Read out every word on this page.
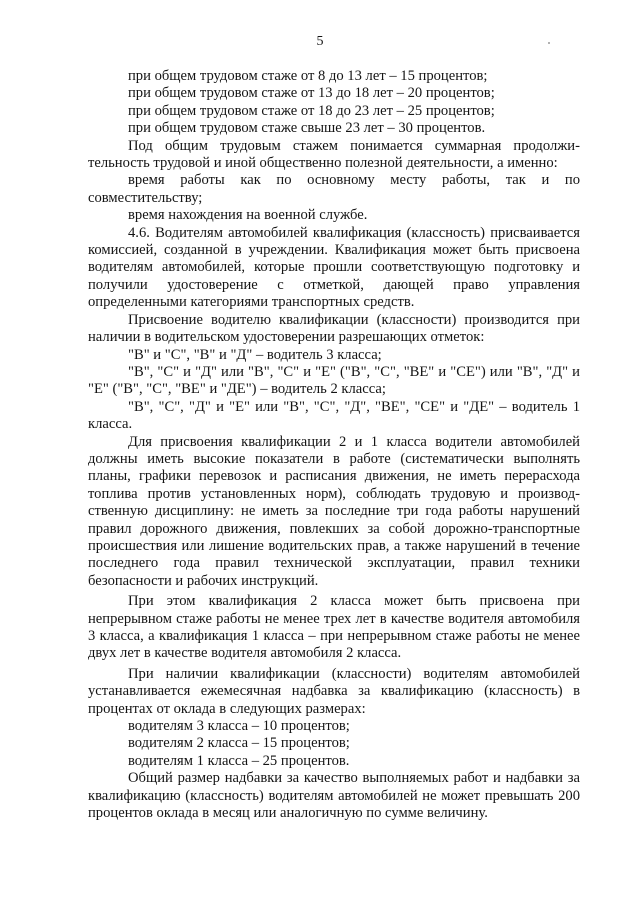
5

при общем трудовом стаже от 8 до 13 лет – 15 процентов;

при общем трудовом стаже от 13 до 18 лет – 20 процентов;

при общем трудовом стаже от 18 до 23 лет – 25 процентов;

при общем трудовом стаже свыше 23 лет – 30 процентов.

Под общим трудовым стажем понимается суммарная продолжительность трудовой и иной общественно полезной деятельности, а именно:

время работы как по основному месту работы, так и по совместительству;

время нахождения на военной службе.

4.6. Водителям автомобилей квалификация (классность) присваивается комиссией, созданной в учреждении. Квалификация может быть присвоена водителям автомобилей, которые прошли соответствующую подготовку и получили удостоверение с отметкой, дающей право управления определенными категориями транспортных средств.

Присвоение водителю квалификации (классности) производится при наличии в водительском удостоверении разрешающих отметок:

"В" и "С", "В" и "Д" – водитель 3 класса;

"В", "С" и "Д" или "В", "С" и "Е" ("В", "С", "ВЕ" и "СЕ") или "В", "Д" и "Е" ("В", "С", "ВЕ" и "ДЕ") – водитель 2 класса;

"В", "С", "Д" и "Е" или "В", "С", "Д", "ВЕ", "СЕ" и "ДЕ" – водитель 1 класса.

Для присвоения квалификации 2 и 1 класса водители автомобилей должны иметь высокие показатели в работе (систематически выполнять планы, графики перевозок и расписания движения, не иметь перерасхода топлива против установленных норм), соблюдать трудовую и производственную дисциплину: не иметь за последние три года работы нарушений правил дорожного движения, повлекших за собой дорожно-транспортные происшествия или лишение водительских прав, а также нарушений в течение последнего года правил технической эксплуатации, правил техники безопасности и рабочих инструкций.

При этом квалификация 2 класса может быть присвоена при непрерывном стаже работы не менее трех лет в качестве водителя автомобиля 3 класса, а квалификация 1 класса – при непрерывном стаже работы не менее двух лет в качестве водителя автомобиля 2 класса.

При наличии квалификации (классности) водителям автомобилей устанавливается ежемесячная надбавка за квалификацию (классность) в процентах от оклада в следующих размерах:

водителям 3 класса – 10 процентов;

водителям 2 класса – 15 процентов;

водителям 1 класса – 25 процентов.

Общий размер надбавки за качество выполняемых работ и надбавки за квалификацию (классность) водителям автомобилей не может превышать 200 процентов оклада в месяц или аналогичную по сумме величину.
